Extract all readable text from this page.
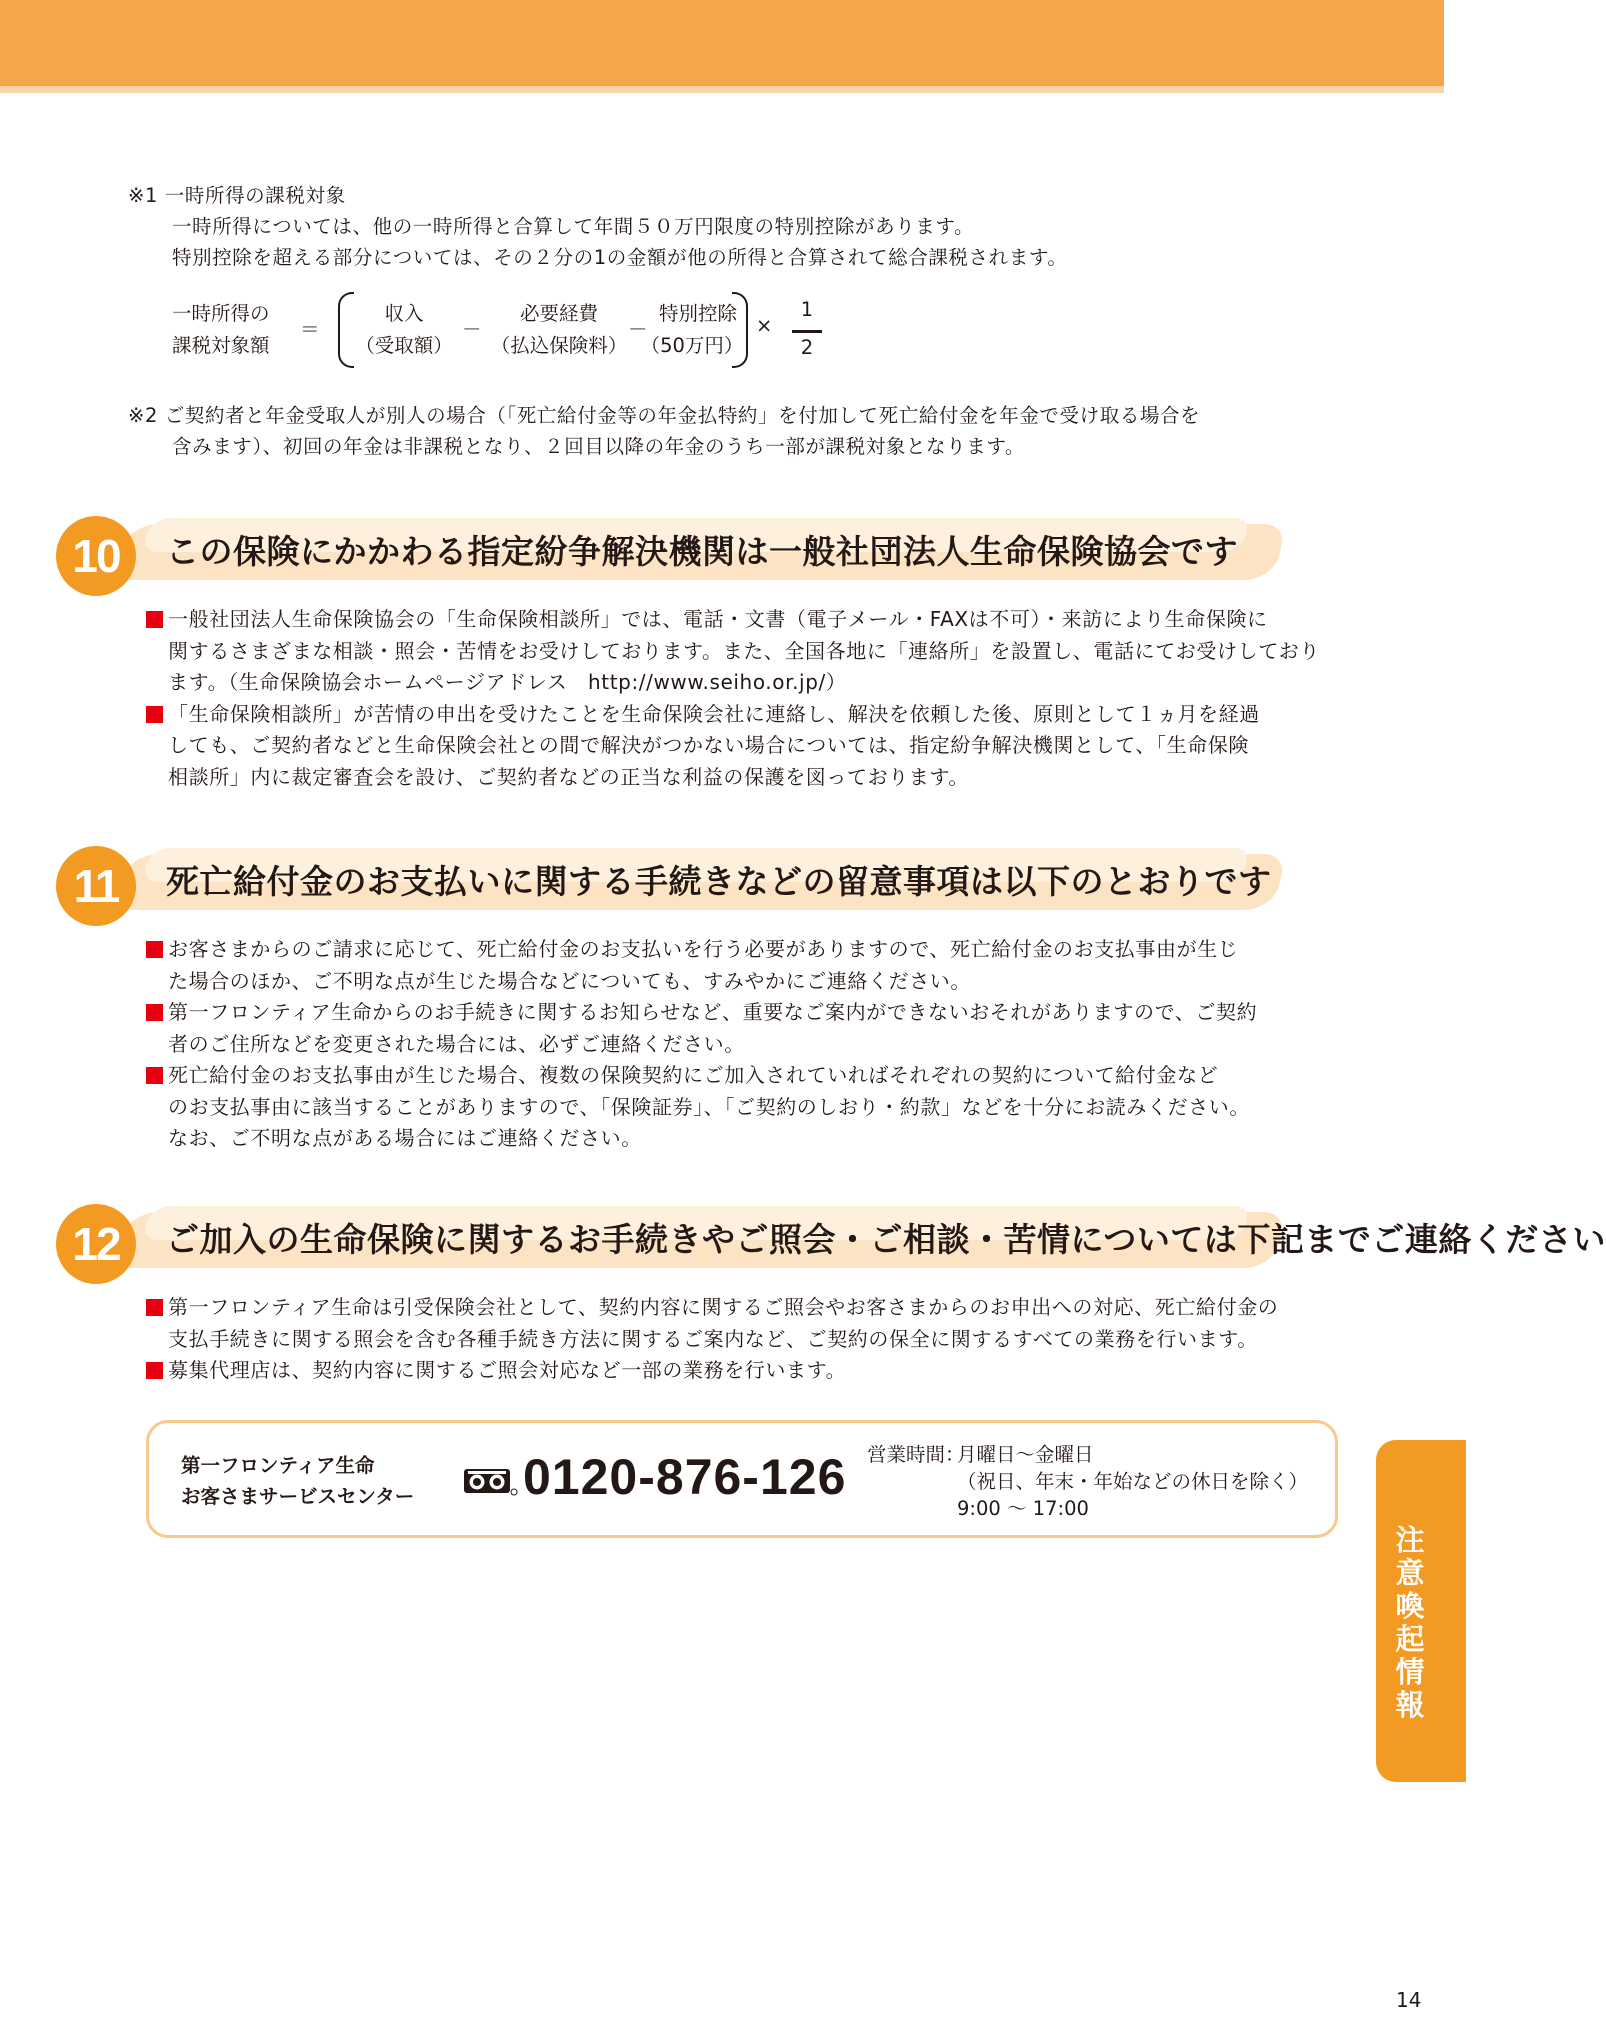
※1 一時所得の課税対象
一時所得については、他の一時所得と合算して年間５０万円限度の特別控除があります。
特別控除を超える部分については、その２分の1の金額が他の所得と合算されて総合課税されます。
一時所得の
課税対象額
＝
収入
（受取額）
－
必要経費
（払込保険料）
－
特別控除
（50万円）
×
1
2
※2 ご契約者と年金受取人が別人の場合（「死亡給付金等の年金払特約」を付加して死亡給付金を年金で受け取る場合を
含みます）、初回の年金は非課税となり、２回目以降の年金のうち一部が課税対象となります。
10	この保険にかかわる指定紛争解決機関は一般社団法人生命保険協会です
一般社団法人生命保険協会の「生命保険相談所」では、電話・文書（電子メール・FAXは不可）・来訪により生命保険に
関するさまざまな相談・照会・苦情をお受けしております。また、全国各地に「連絡所」を設置し、電話にてお受けしており
ます。（生命保険協会ホームページアドレス　http://www.seiho.or.jp/）
「生命保険相談所」が苦情の申出を受けたことを生命保険会社に連絡し、解決を依頼した後、原則として１ヵ月を経過
しても、ご契約者などと生命保険会社との間で解決がつかない場合については、指定紛争解決機関として、「生命保険
相談所」内に裁定審査会を設け、ご契約者などの正当な利益の保護を図っております。
11	死亡給付金のお支払いに関する手続きなどの留意事項は以下のとおりです
お客さまからのご請求に応じて、死亡給付金のお支払いを行う必要がありますので、死亡給付金のお支払事由が生じ
た場合のほか、ご不明な点が生じた場合などについても、すみやかにご連絡ください。
第一フロンティア生命からのお手続きに関するお知らせなど、重要なご案内ができないおそれがありますので、ご契約
者のご住所などを変更された場合には、必ずご連絡ください。
死亡給付金のお支払事由が生じた場合、複数の保険契約にご加入されていればそれぞれの契約について給付金など
のお支払事由に該当することがありますので、「保険証券」、「ご契約のしおり・約款」などを十分にお読みください。
なお、ご不明な点がある場合にはご連絡ください。
12	ご加入の生命保険に関するお手続きやご照会・ご相談・苦情については下記までご連絡ください
第一フロンティア生命は引受保険会社として、契約内容に関するご照会やお客さまからのお申出への対応、死亡給付金の
支払手続きに関する照会を含む各種手続き方法に関するご案内など、ご契約の保全に関するすべての業務を行います。
募集代理店は、契約内容に関するご照会対応など一部の業務を行います。
第一フロンティア生命
お客さまサービスセンター 0120-876-126 営業時間：
月曜日～金曜日
（祝日、年末・年始などの休日を除く）
9:00 ～ 17:00
注意喚起情報
14
